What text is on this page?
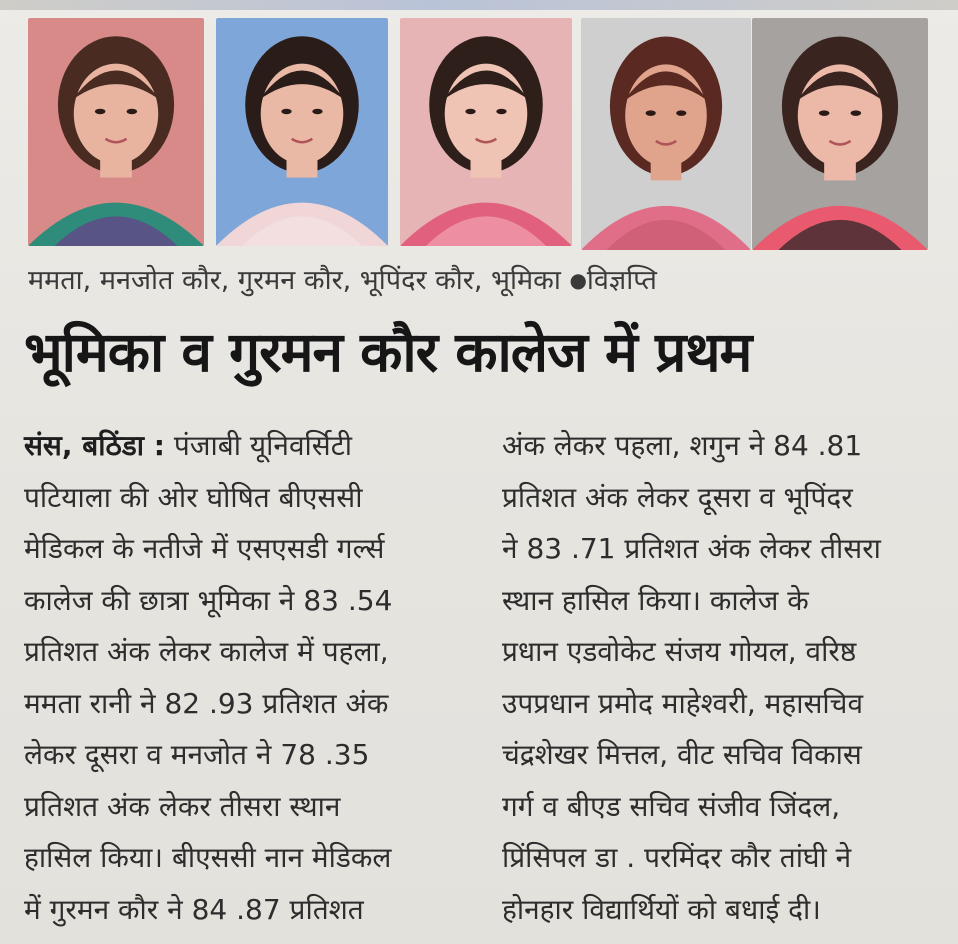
ममता, मनजोत कौर, गुरमन कौर, भूपिंदर कौर, भूमिका ●विज्ञप्ति
भूमिका व गुरमन कौर कालेज में प्रथम
संस, बठिंडा : पंजाबी यूनिवर्सिटी
पटियाला की ओर घोषित बीएससी
मेडिकल के नतीजे में एसएसडी गर्ल्स
कालेज की छात्रा भूमिका ने 83 .54
प्रतिशत अंक लेकर कालेज में पहला,
ममता रानी ने 82 .93 प्रतिशत अंक
लेकर दूसरा व मनजोत ने 78 .35
प्रतिशत अंक लेकर तीसरा स्थान
हासिल किया। बीएससी नान मेडिकल
में गुरमन कौर ने 84 .87 प्रतिशत
अंक लेकर पहला, शगुन ने 84 .81
प्रतिशत अंक लेकर दूसरा व भूपिंदर
ने 83 .71 प्रतिशत अंक लेकर तीसरा
स्थान हासिल किया। कालेज के
प्रधान एडवोकेट संजय गोयल, वरिष्ठ
उपप्रधान प्रमोद माहेश्वरी, महासचिव
चंद्रशेखर मित्तल, वीट सचिव विकास
गर्ग व बीएड सचिव संजीव जिंदल,
प्रिंसिपल डा . परमिंदर कौर तांघी ने
होनहार विद्यार्थियों को बधाई दी।
